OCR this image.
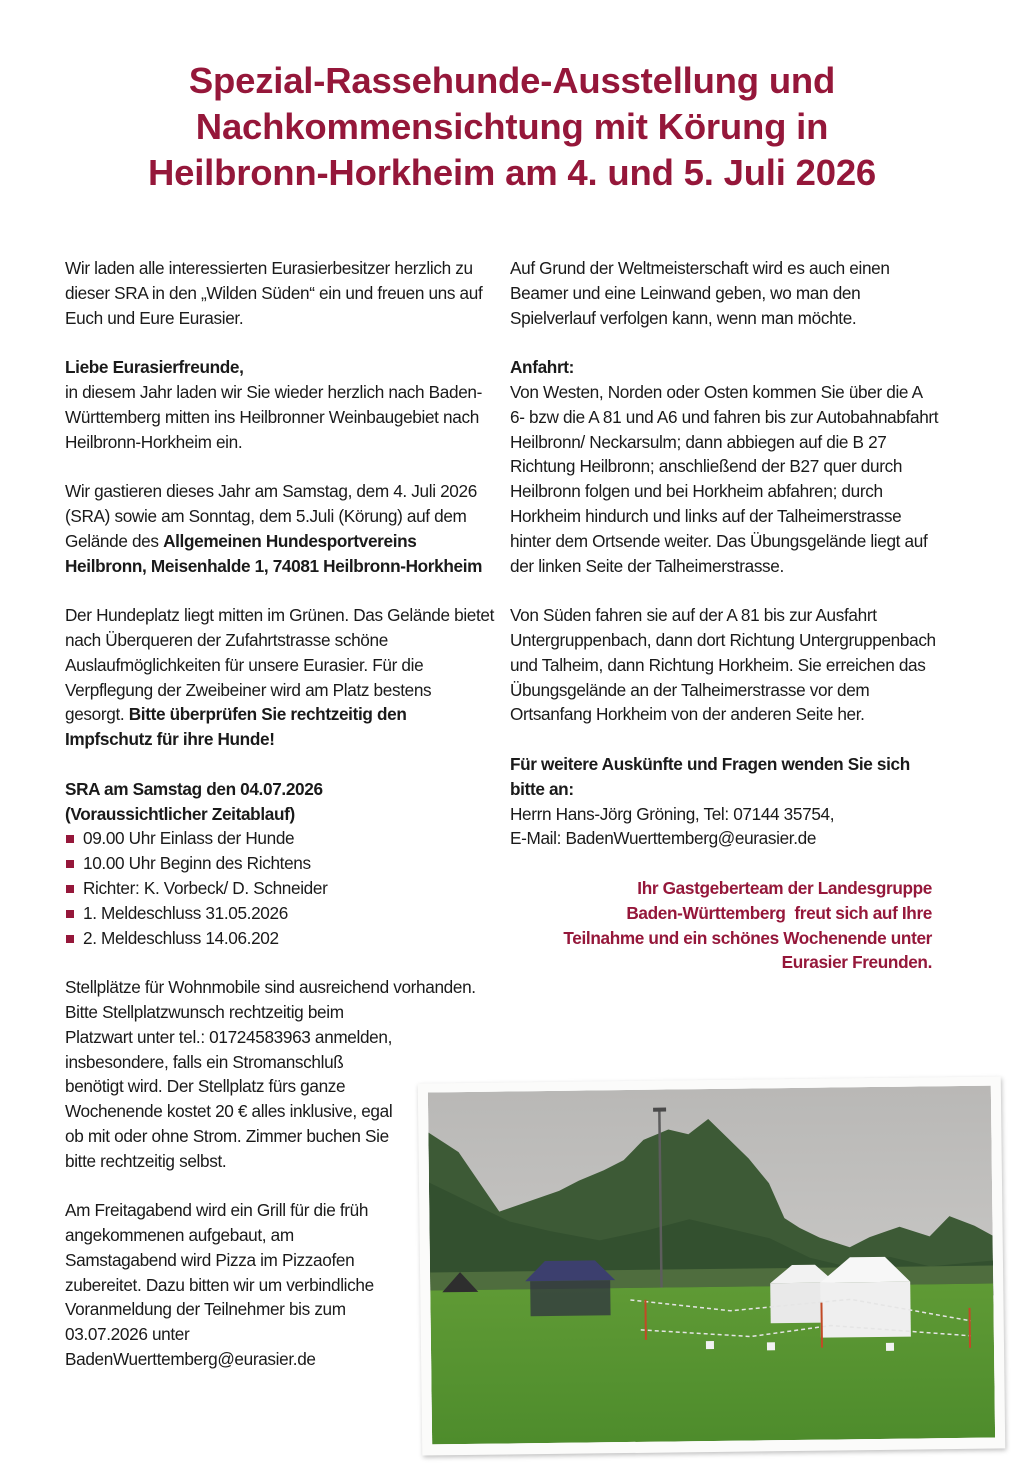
Spezial-Rassehunde-Ausstellung und
Nachkommensichtung mit Körung in
Heilbronn-Horkheim am 4. und 5. Juli 2026

Wir laden alle interessierten Eurasierbesitzer herzlich zu dieser SRA in den „Wilden Süden“ ein und freuen uns auf Euch und Eure Eurasier.

Liebe Eurasierfreunde,
in diesem Jahr laden wir Sie wieder herzlich nach Baden-Württemberg mitten ins Heilbronner Weinbaugebiet nach Heilbronn-Horkheim ein.

Wir gastieren dieses Jahr am Samstag, dem 4. Juli 2026 (SRA) sowie am Sonntag, dem 5.Juli (Körung) auf dem Gelände des Allgemeinen Hundesportvereins Heilbronn, Meisenhalde 1, 74081 Heilbronn-Horkheim

Der Hundeplatz liegt mitten im Grünen. Das Gelände bietet nach Überqueren der Zufahrtstrasse schöne Auslaufmöglichkeiten für unsere Eurasier. Für die Verpflegung der Zweibeiner wird am Platz bestens gesorgt. Bitte überprüfen Sie rechtzeitig den Impfschutz für ihre Hunde!

SRA am Samstag den 04.07.2026
(Voraussichtlicher Zeitablauf)
09.00 Uhr Einlass der Hunde
10.00 Uhr Beginn des Richtens
Richter: K. Vorbeck/ D. Schneider
1. Meldeschluss 31.05.2026
2. Meldeschluss 14.06.202

Stellplätze für Wohnmobile sind ausreichend vorhanden. Bitte Stellplatzwunsch rechtzeitig beim
Platzwart unter tel.: 01724583963 anmelden, insbesondere, falls ein Stromanschluß benötigt wird. Der Stellplatz fürs ganze Wochenende kostet 20 € alles inklusive, egal ob mit oder ohne Strom. Zimmer buchen Sie bitte rechtzeitig selbst.

Am Freitagabend wird ein Grill für die früh angekommenen aufgebaut, am Samstagabend wird Pizza im Pizzaofen zubereitet. Dazu bitten wir um verbindliche Voranmeldung der Teilnehmer bis zum 03.07.2026 unter BadenWuerttemberg@eurasier.de

Auf Grund der Weltmeisterschaft wird es auch einen Beamer und eine Leinwand geben, wo man den Spielverlauf verfolgen kann, wenn man möchte.

Anfahrt:
Von Westen, Norden oder Osten kommen Sie über die A 6- bzw die A 81 und A6 und fahren bis zur Autobahnabfahrt Heilbronn/ Neckarsulm; dann abbiegen auf die B 27 Richtung Heilbronn; anschließend der B27 quer durch Heilbronn folgen und bei Horkheim abfahren; durch Horkheim hindurch und links auf der Talheimerstrasse hinter dem Ortsende weiter. Das Übungsgelände liegt auf der linken Seite der Talheimerstrasse.

Von Süden fahren sie auf der A 81 bis zur Ausfahrt Untergruppenbach, dann dort Richtung Untergruppenbach und Talheim, dann Richtung Horkheim. Sie erreichen das Übungsgelände an der Talheimerstrasse vor dem Ortsanfang Horkheim von der anderen Seite her.

Für weitere Auskünfte und Fragen wenden Sie sich bitte an:
Herrn Hans-Jörg Gröning, Tel: 07144 35754,
E-Mail: BadenWuerttemberg@eurasier.de

Ihr Gastgeberteam der Landesgruppe
Baden-Württemberg  freut sich auf Ihre
Teilnahme und ein schönes Wochenende unter
Eurasier Freunden.
